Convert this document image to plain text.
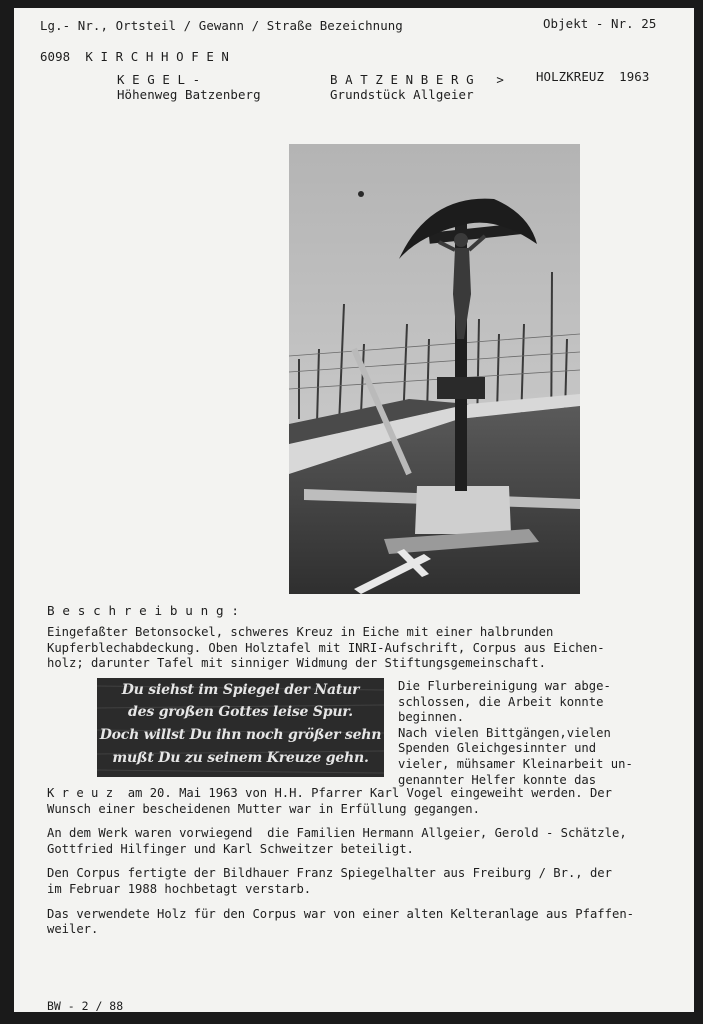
Lg.- Nr., Ortsteil / Gewann / Straße Bezeichnung	Objekt - Nr. 25
6098  K I R C H H O F E N
K E G E L -
Höhenweg Batzenberg
B A T Z E N B E R G   >
Grundstück Allgeier
HOLZKREUZ  1963
B e s c h r e i b u n g :

Eingefaßter Betonsockel, schweres Kreuz in Eiche mit einer halbrunden
Kupferblechabdeckung. Oben Holztafel mit INRI-Aufschrift, Corpus aus Eichen-
holz; darunter Tafel mit sinniger Widmung der Stiftungsgemeinschaft.

Du siehst im Spiegel der Natur
des großen Gottes leise Spur.
Doch willst Du ihn noch größer sehn
mußt Du zu seinem Kreuze gehn.
Die Flurbereinigung war abge-
schlossen, die Arbeit konnte
beginnen.
Nach vielen Bittgängen,vielen
Spenden Gleichgesinnter und
vieler, mühsamer Kleinarbeit un-
genannter Helfer konnte das

K r e u z  am 20. Mai 1963 von H.H. Pfarrer Karl Vogel eingeweiht werden. Der
Wunsch einer bescheidenen Mutter war in Erfüllung gegangen.

An dem Werk waren vorwiegend  die Familien Hermann Allgeier, Gerold - Schätzle,
Gottfried Hilfinger und Karl Schweitzer beteiligt.

Den Corpus fertigte der Bildhauer Franz Spiegelhalter aus Freiburg / Br., der
im Februar 1988 hochbetagt verstarb.

Das verwendete Holz für den Corpus war von einer alten Kelteranlage aus Pfaffen-
weiler.

BW - 2 / 88
